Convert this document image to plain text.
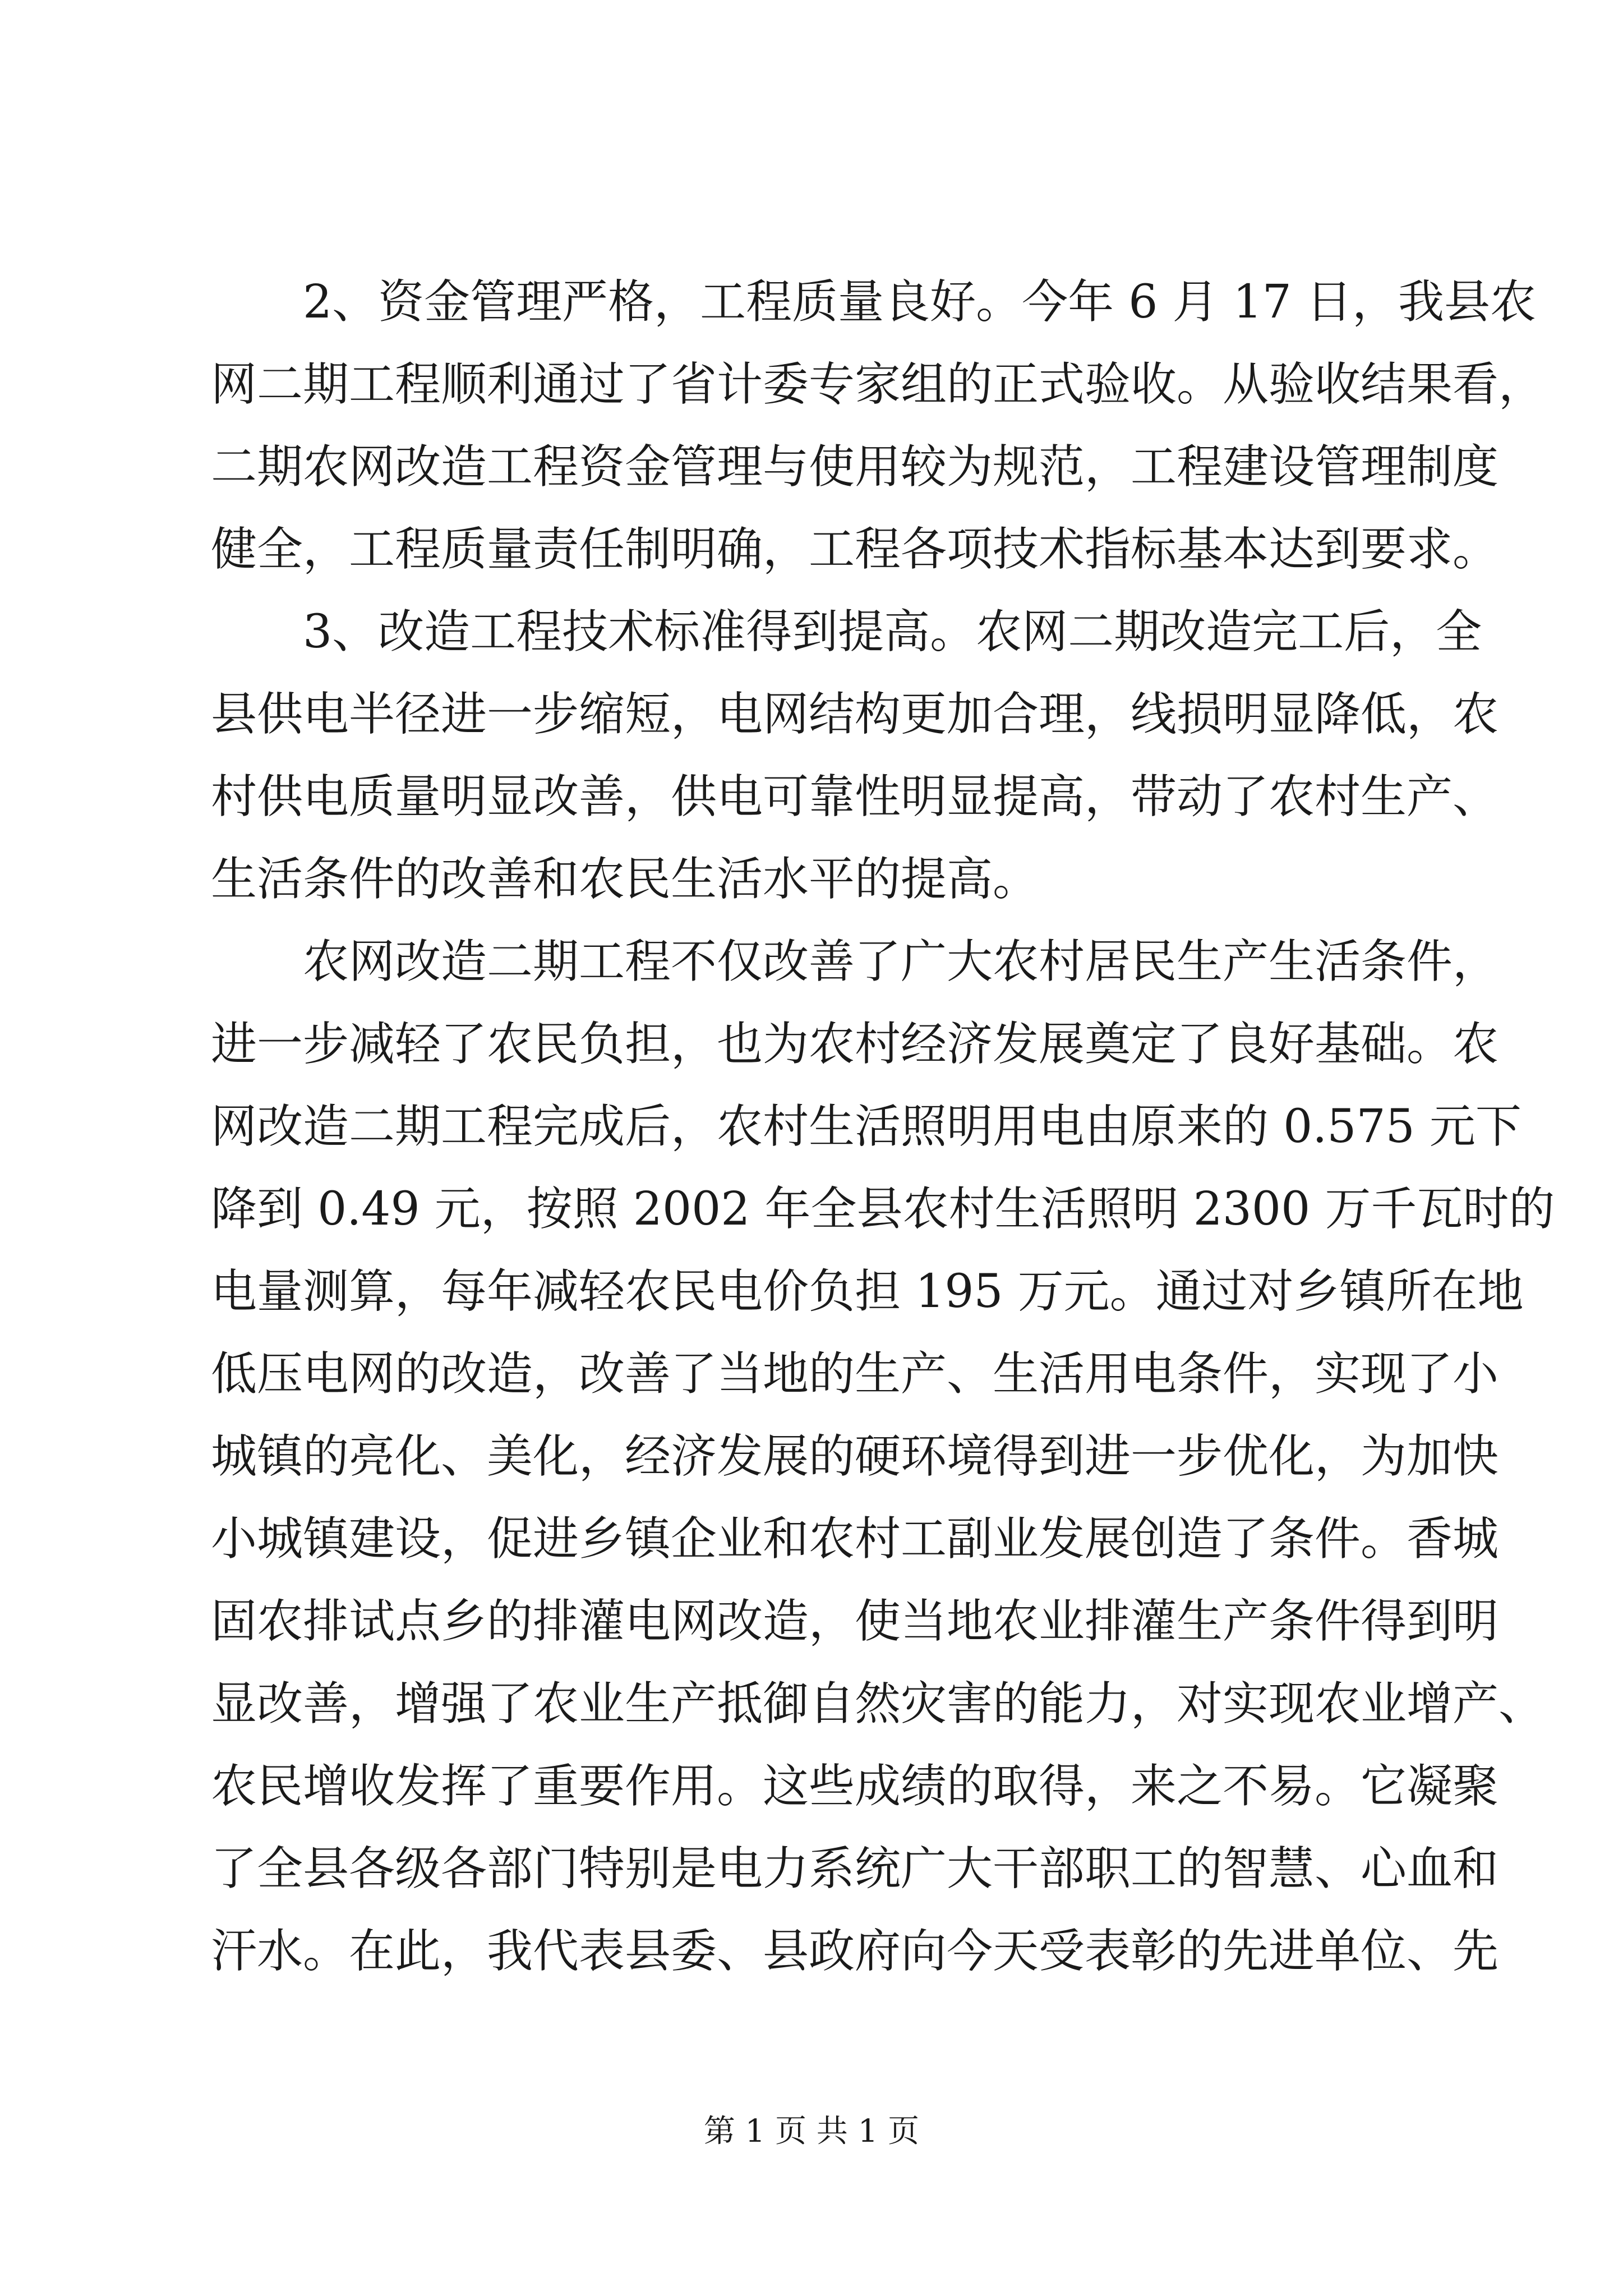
2、资金管理严格，工程质量良好。今年 6 月 17 日，我县农
网二期工程顺利通过了省计委专家组的正式验收。从验收结果看，
二期农网改造工程资金管理与使用较为规范，工程建设管理制度
健全，工程质量责任制明确，工程各项技术指标基本达到要求。
3、改造工程技术标准得到提高。农网二期改造完工后，全
县供电半径进一步缩短，电网结构更加合理，线损明显降低，农
村供电质量明显改善，供电可靠性明显提高，带动了农村生产、
生活条件的改善和农民生活水平的提高。
农网改造二期工程不仅改善了广大农村居民生产生活条件，
进一步减轻了农民负担，也为农村经济发展奠定了良好基础。农
网改造二期工程完成后，农村生活照明用电由原来的 0.575 元下
降到 0.49 元，按照 2002 年全县农村生活照明 2300 万千瓦时的
电量测算，每年减轻农民电价负担 195 万元。通过对乡镇所在地
低压电网的改造，改善了当地的生产、生活用电条件，实现了小
城镇的亮化、美化，经济发展的硬环境得到进一步优化，为加快
小城镇建设，促进乡镇企业和农村工副业发展创造了条件。香城
固农排试点乡的排灌电网改造，使当地农业排灌生产条件得到明
显改善，增强了农业生产抵御自然灾害的能力，对实现农业增产、
农民增收发挥了重要作用。这些成绩的取得，来之不易。它凝聚
了全县各级各部门特别是电力系统广大干部职工的智慧、心血和
汗水。在此，我代表县委、县政府向今天受表彰的先进单位、先
第 1 页 共 1 页
